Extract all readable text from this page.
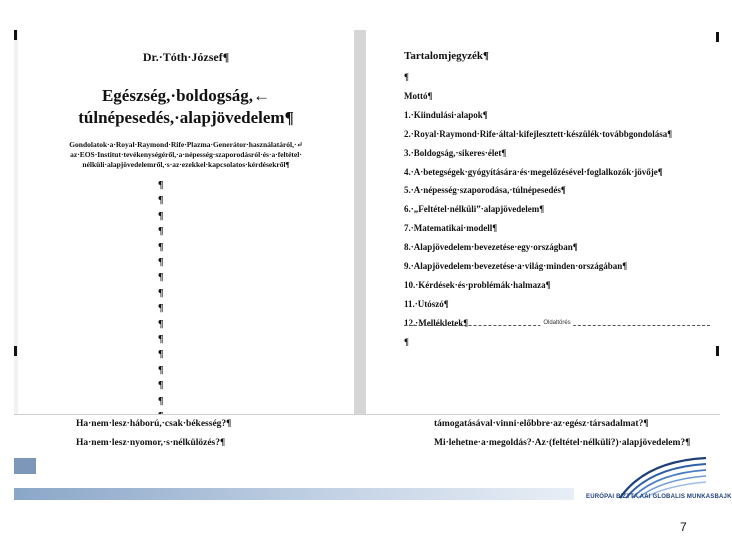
Dr.·Tóth·József¶
Egészség,·boldogság,←
túlnépesedés,·alapjövedelem¶
Gondolatok·a·Royal·Raymond·Rife·Plazma·Generátor·használatáról,·↵
az·EOS·Institut·tevékenységéről,·a·népesség·szaporodásról·és·a·feltétel·
nélküli·alapjövedelemről,·s·az·ezekkel·kapcsolatos·kérdésekről¶
¶
¶
¶
¶
¶
¶
¶
¶
¶
¶
¶
¶
¶
¶
¶
Tartalomjegyzék¶
¶
Mottó¶
1.·Kiindulási·alapok¶
2.·Royal·Raymond·Rife·által·kifejlesztett·készülék·továbbgondolása¶
3.·Boldogság,·sikeres·élet¶
4.·A·betegségek·gyógyítására·és·megelőzésével·foglalkozók·jövője¶
5.·A·népesség·szaporodása,·túlnépesedés¶
6.·„Feltétel·nélküli”·alapjövedelem¶
7.·Matematikai·modell¶
8.·Alapjövedelem·bevezetése·egy·országban¶
9.·Alapjövedelem·bevezetése·a·világ·minden·országában¶
10.·Kérdések·és·problémák·halmaza¶
11.·Utószó¶
12.·Mellékletek¶
¶
Oldaltörés
Ha·nem·lesz·háború,·csak·békesség?¶
Ha·nem·lesz·nyomor,·s·nélkülözés?¶
támogatásával·vinni·előbbre·az·egész·társadalmat?¶
Mi·lehetne·a·megoldás?·Az·(feltétel·nélküli?)·alapjövedelem?¶
EURÓPAI BIZTTA AAI GLOBALIS MUNKASBAJK
7
